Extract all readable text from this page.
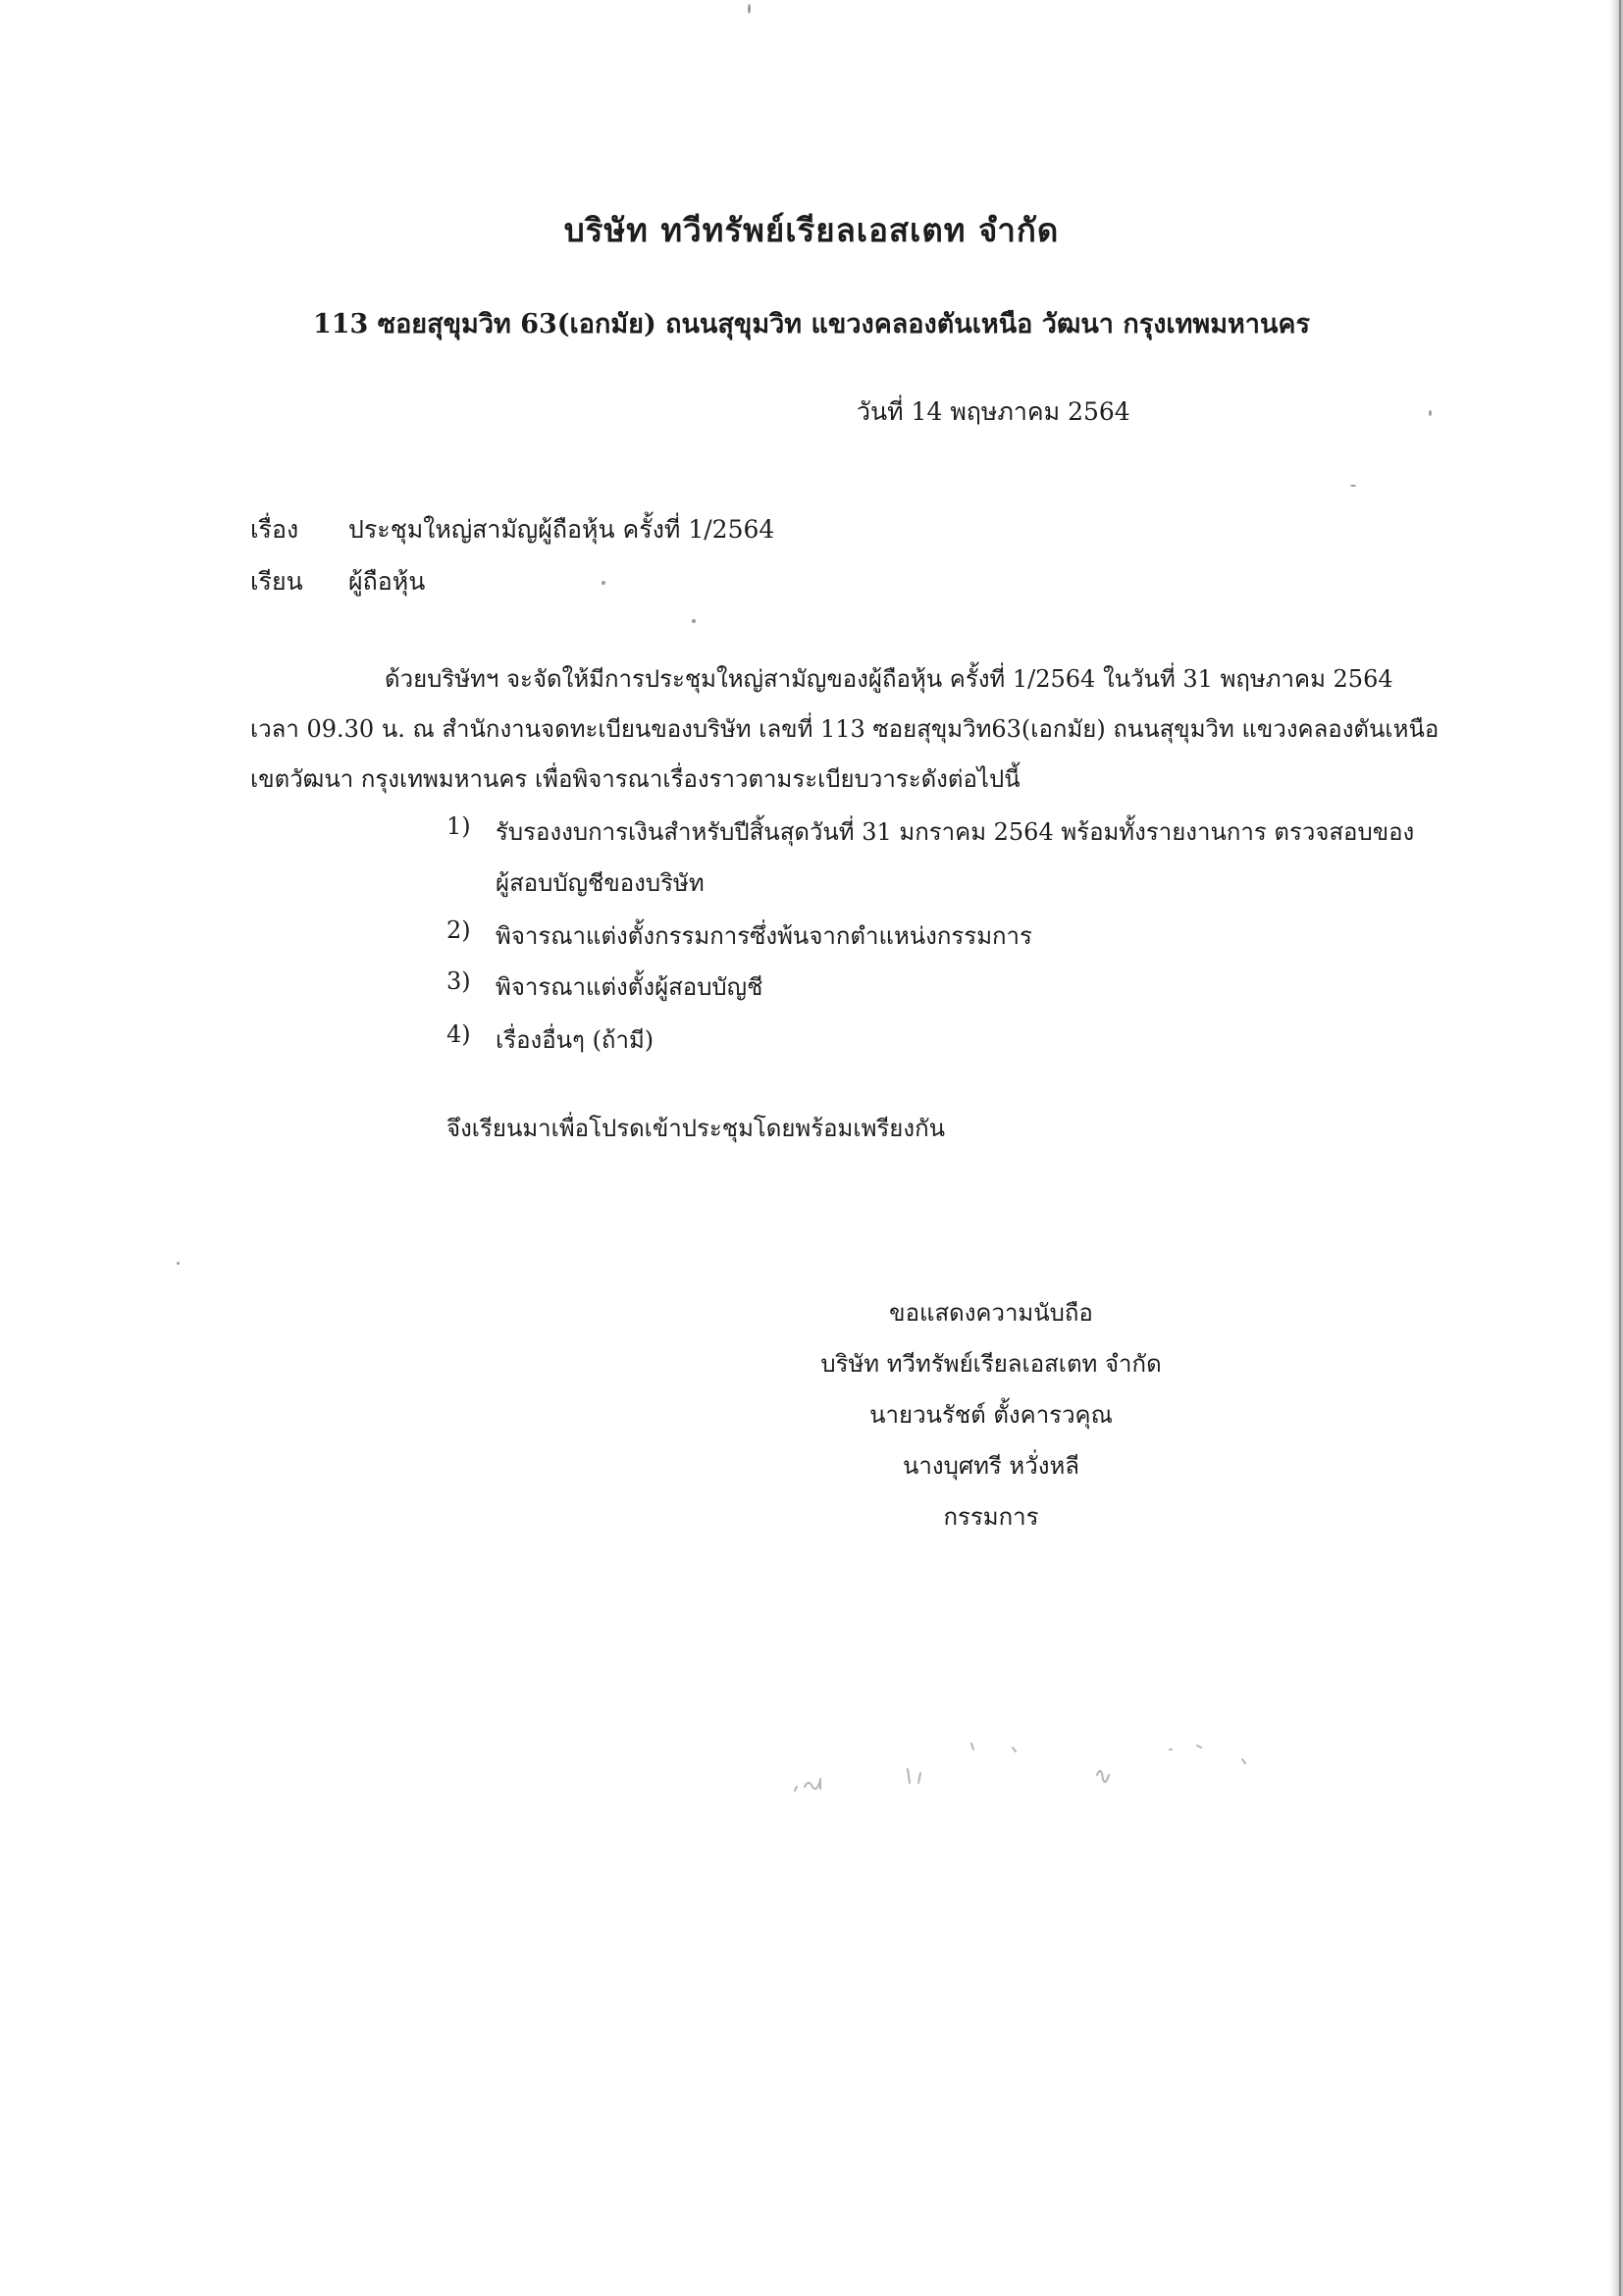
บริษัท ทวีทรัพย์เรียลเอสเตท จำกัด
113 ซอยสุขุมวิท 63(เอกมัย) ถนนสุขุมวิท แขวงคลองตันเหนือ วัฒนา กรุงเทพมหานคร
วันที่ 14 พฤษภาคม 2564
เรื่อง ประชุมใหญ่สามัญผู้ถือหุ้น ครั้งที่ 1/2564
เรียน ผู้ถือหุ้น
ด้วยบริษัทฯ จะจัดให้มีการประชุมใหญ่สามัญของผู้ถือหุ้น ครั้งที่ 1/2564 ในวันที่ 31 พฤษภาคม 2564
เวลา 09.30 น. ณ สำนักงานจดทะเบียนของบริษัท เลขที่ 113 ซอยสุขุมวิท63(เอกมัย) ถนนสุขุมวิท แขวงคลองตันเหนือ
เขตวัฒนา กรุงเทพมหานคร เพื่อพิจารณาเรื่องราวตามระเบียบวาระดังต่อไปนี้
1) รับรองงบการเงินสำหรับปีสิ้นสุดวันที่ 31 มกราคม 2564 พร้อมทั้งรายงานการ ตรวจสอบของ
ผู้สอบบัญชีของบริษัท
2) พิจารณาแต่งตั้งกรรมการซึ่งพ้นจากตำแหน่งกรรมการ
3) พิจารณาแต่งตั้งผู้สอบบัญชี
4) เรื่องอื่นๆ (ถ้ามี)
จึงเรียนมาเพื่อโปรดเข้าประชุมโดยพร้อมเพรียงกัน
ขอแสดงความนับถือ
บริษัท ทวีทรัพย์เรียลเอสเตท จำกัด
นายวนรัชต์ ตั้งคารวคุณ
นางบุศทรี หวั่งหลี
กรรมการ
